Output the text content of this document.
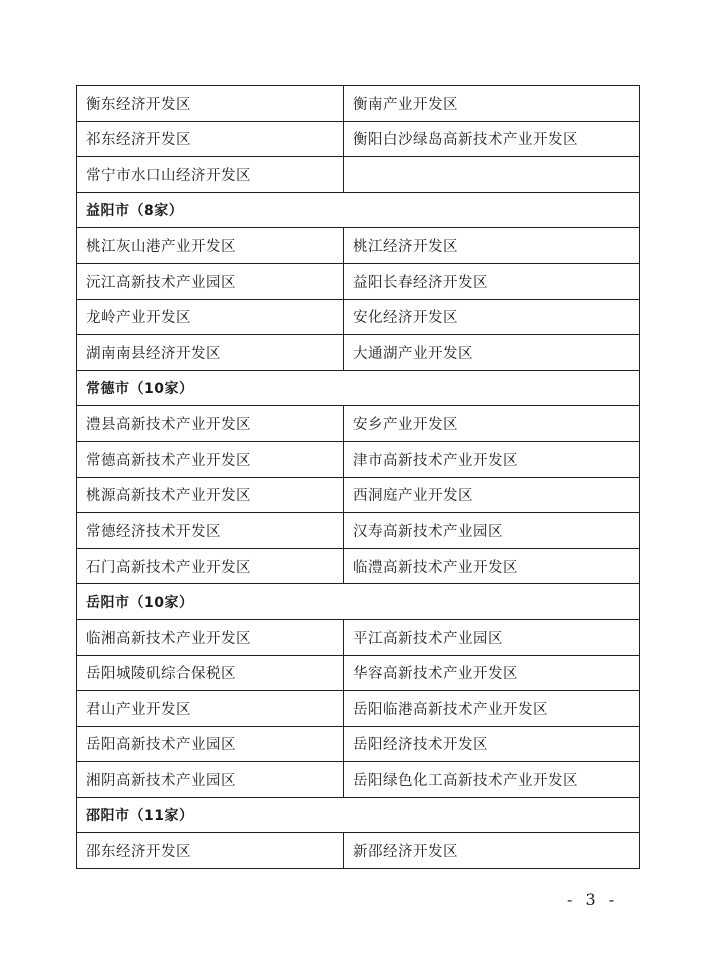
衡东经济开发区	衡南产业开发区
祁东经济开发区	衡阳白沙绿岛高新技术产业开发区
常宁市水口山经济开发区	
益阳市（8家）	
桃江灰山港产业开发区	桃江经济开发区
沅江高新技术产业园区	益阳长春经济开发区
龙岭产业开发区	安化经济开发区
湖南南县经济开发区	大通湖产业开发区
常德市（10家）	
澧县高新技术产业开发区	安乡产业开发区
常德高新技术产业开发区	津市高新技术产业开发区
桃源高新技术产业开发区	西洞庭产业开发区
常德经济技术开发区	汉寿高新技术产业园区
石门高新技术产业开发区	临澧高新技术产业开发区
岳阳市（10家）	
临湘高新技术产业开发区	平江高新技术产业园区
岳阳城陵矶综合保税区	华容高新技术产业开发区
君山产业开发区	岳阳临港高新技术产业开发区
岳阳高新技术产业园区	岳阳经济技术开发区
湘阴高新技术产业园区	岳阳绿色化工高新技术产业开发区
邵阳市（11家）	
邵东经济开发区	新邵经济开发区
- 3 -
